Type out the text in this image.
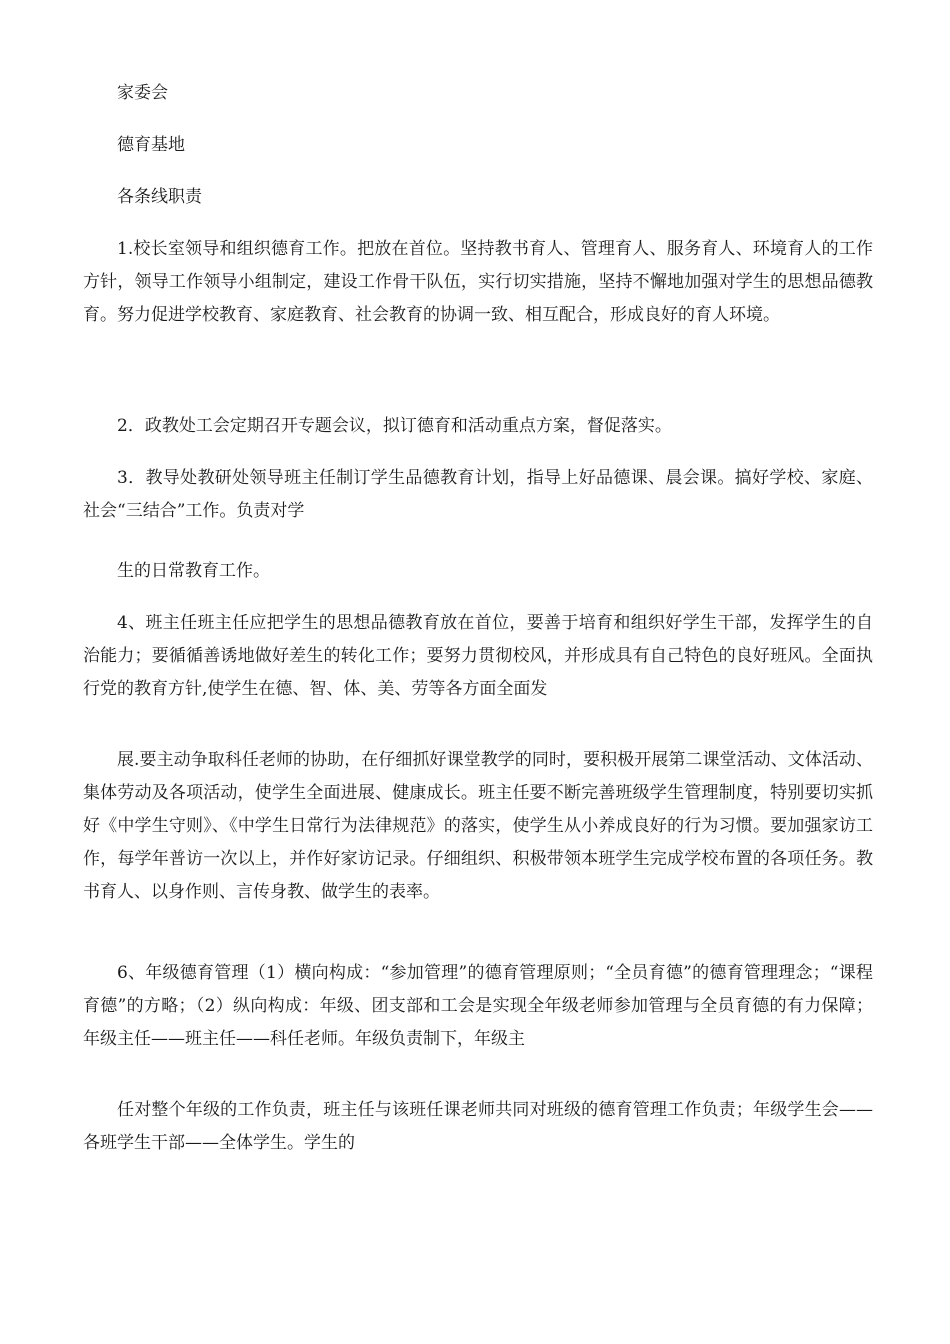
家委会

德育基地

各条线职责

1.校长室领导和组织德育工作。把放在首位。坚持教书育人、管理育人、服务育人、环境育人的工作方针，领导工作领导小组制定，建设工作骨干队伍，实行切实措施，坚持不懈地加强对学生的思想品德教育。努力促进学校教育、家庭教育、社会教育的协调一致、相互配合，形成良好的育人环境。

2．政教处工会定期召开专题会议，拟订德育和活动重点方案，督促落实。

3．教导处教研处领导班主任制订学生品德教育计划，指导上好品德课、晨会课。搞好学校、家庭、社会“三结合”工作。负责对学

生的日常教育工作。

4、班主任班主任应把学生的思想品德教育放在首位，要善于培育和组织好学生干部，发挥学生的自治能力；要循循善诱地做好差生的转化工作；要努力贯彻校风，并形成具有自己特色的良好班风。全面执行党的教育方针,使学生在德、智、体、美、劳等各方面全面发

展.要主动争取科任老师的协助，在仔细抓好课堂教学的同时，要积极开展第二课堂活动、文体活动、集体劳动及各项活动，使学生全面进展、健康成长。班主任要不断完善班级学生管理制度，特别要切实抓好《中学生守则》、《中学生日常行为法律规范》的落实，使学生从小养成良好的行为习惯。要加强家访工作，每学年普访一次以上，并作好家访记录。仔细组织、积极带领本班学生完成学校布置的各项任务。教书育人、以身作则、言传身教、做学生的表率。

6、年级德育管理（1）横向构成：“参加管理”的德育管理原则；“全员育德”的德育管理理念；“课程育德”的方略；（2）纵向构成：年级、团支部和工会是实现全年级老师参加管理与全员育德的有力保障；年级主任——班主任——科任老师。年级负责制下，年级主

任对整个年级的工作负责，班主任与该班任课老师共同对班级的德育管理工作负责；年级学生会——各班学生干部——全体学生。学生的
